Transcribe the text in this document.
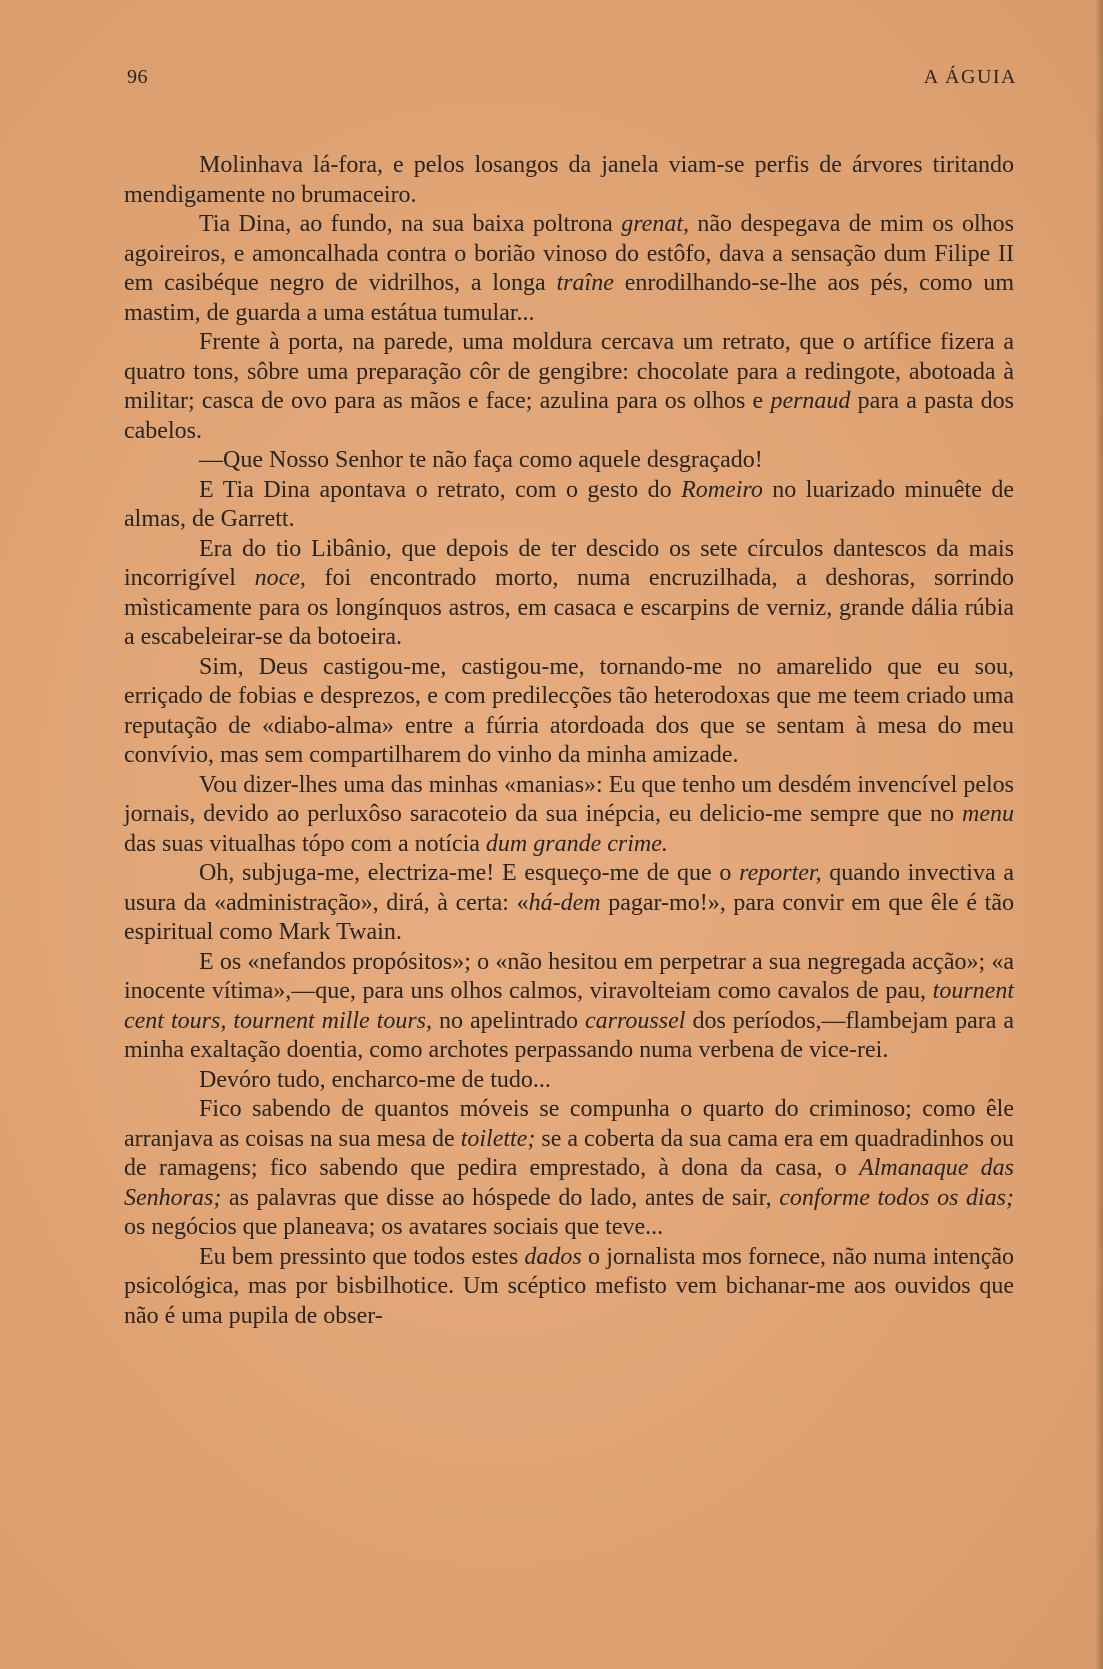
96	A ÁGUIA

Molinhava lá-fora, e pelos losangos da janela viam-se perfis de árvores tiritando mendigamente no brumaceiro.

Tia Dina, ao fundo, na sua baixa poltrona grenat, não despegava de mim os olhos agoireiros, e amoncalhada contra o borião vinoso do estôfo, dava a sensação dum Filipe II em casibéque negro de vidrilhos, a longa traîne enrodilhando-se-lhe aos pés, como um mastim, de guarda a uma estátua tumular...

Frente à porta, na parede, uma moldura cercava um retrato, que o artífice fizera a quatro tons, sôbre uma preparação côr de gengibre: chocolate para a redingote, abotoada à militar; casca de ovo para as mãos e face; azulina para os olhos e pernaud para a pasta dos cabelos.

—Que Nosso Senhor te não faça como aquele desgraçado!

E Tia Dina apontava o retrato, com o gesto do Romeiro no luarizado minuête de almas, de Garrett.

Era do tio Libânio, que depois de ter descido os sete círculos dantescos da mais incorrigível noce, foi encontrado morto, numa encruzilhada, a deshoras, sorrindo mìsticamente para os longínquos astros, em casaca e escarpins de verniz, grande dália rúbia a escabeleirar-se da botoeira.

Sim, Deus castigou-me, castigou-me, tornando-me no amarelido que eu sou, erriçado de fobias e desprezos, e com predilecções tão heterodoxas que me teem criado uma reputação de «diabo-alma» entre a fúrria atordoada dos que se sentam à mesa do meu convívio, mas sem compartilharem do vinho da minha amizade.

Vou dizer-lhes uma das minhas «manias»: Eu que tenho um desdém invencível pelos jornais, devido ao perluxôso saracoteio da sua inépcia, eu delicio-me sempre que no menu das suas vitualhas tópo com a notícia dum grande crime.

Oh, subjuga-me, electriza-me! E esqueço-me de que o reporter, quando invectiva a usura da «administração», dirá, à certa: «há-dem pagar-mo!», para convir em que êle é tão espiritual como Mark Twain.

E os «nefandos propósitos»; o «não hesitou em perpetrar a sua negregada acção»; «a inocente vítima»,—que, para uns olhos calmos, viravolteiam como cavalos de pau, tournent cent tours, tournent mille tours, no apelintrado carroussel dos períodos,—flambejam para a minha exaltação doentia, como archotes perpassando numa verbena de vice-rei.

Devóro tudo, encharco-me de tudo...

Fico sabendo de quantos móveis se compunha o quarto do criminoso; como êle arranjava as coisas na sua mesa de toilette; se a coberta da sua cama era em quadradinhos ou de ramagens; fico sabendo que pedira emprestado, à dona da casa, o Almanaque das Senhoras; as palavras que disse ao hóspede do lado, antes de sair, conforme todos os dias; os negócios que planeava; os avatares sociais que teve...

Eu bem pressinto que todos estes dados o jornalista mos fornece, não numa intenção psicológica, mas por bisbilhotice. Um scéptico mefisto vem bichanar-me aos ouvidos que não é uma pupila de obser-
